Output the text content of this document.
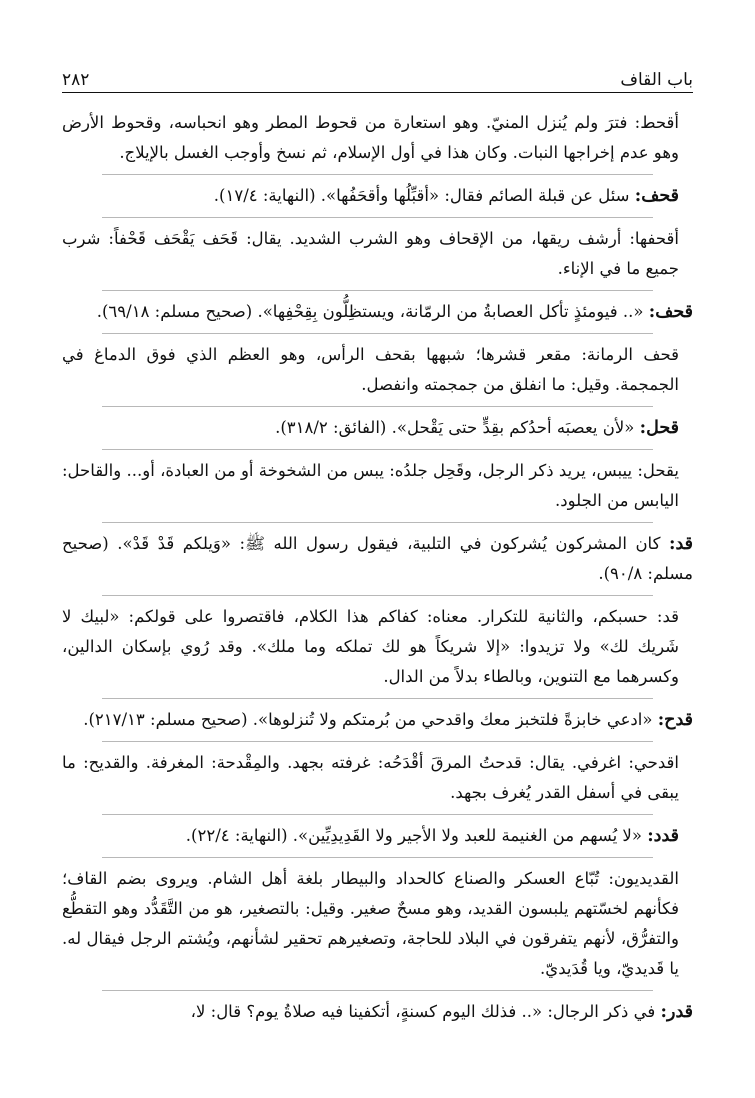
باب القاف
٢٨٢
أقحط: فترَ ولم يُنزل المنيّ. وهو استعارة من قحوط المطر وهو انحباسه، وقحوط الأرض وهو عدم إخراجها النبات. وكان هذا في أول الإسلام، ثم نسخ وأوجب الغسل بالإيلاج.
قحف: سئل عن قبلة الصائم فقال: «أقبِّلُها وأقحَفُها». (النهاية: ١٧/٤).
أقحفها: أرشف ريقها، من الإقحاف وهو الشرب الشديد. يقال: قَحَف يَقْحَف قَحْفاً: شرب جميع ما في الإناء.
قحف: «.. فيومئذٍ تأكل العصابةُ من الرمّانة، ويستظِلُّون بِقِحْفِها». (صحيح مسلم: ٦٩/١٨).
قحف الرمانة: مقعر قشرها؛ شبهها بقحف الرأس، وهو العظم الذي فوق الدماغ في الجمجمة. وقيل: ما انفلق من جمجمته وانفصل.
قحل: «لأن يعصبَه أحدُكم بقِدٍّ حتى يَقْحل». (الفائق: ٣١٨/٢).
يقحل: ييبس، يريد ذكر الرجل، وقَحِل جلدُه: يبس من الشخوخة أو من العبادة، أو... والقاحل: اليابس من الجلود.
قد: كان المشركون يُشركون في التلبية، فيقول رسول الله ﷺ: «وَيلكم قَدْ قَدْ». (صحيح مسلم: ٩٠/٨).
قد: حسبكم، والثانية للتكرار. معناه: كفاكم هذا الكلام، فاقتصروا على قولكم: «لبيك لا شَريك لك» ولا تزيدوا: «إلا شريكاً هو لك تملكه وما ملك». وقد رُوي بإسكان الدالين، وكسرهما مع التنوين، وبالطاء بدلاً من الدال.
قدح: «ادعي خابزةً فلتخبز معك واقدحي من بُرمتكم ولا تُنزلوها». (صحيح مسلم: ٢١٧/١٣).
اقدحي: اغرفي. يقال: قدحتُ المرقَ أقْدَحُه: غرفته بجهد. والمِقْدحة: المغرفة. والقديح: ما يبقى في أسفل القدر يُغرف بجهد.
قدد: «لا يُسهم من الغنيمة للعبد ولا الأجير ولا القَدِيدِيِّين». (النهاية: ٢٢/٤).
القديديون: تُبّاع العسكر والصناع كالحداد والبيطار بلغة أهل الشام. ويروى بضم القاف؛ فكأنهم لخسّتهم يلبسون القديد، وهو مسحٌ صغير. وقيل: بالتصغير، هو من التَّقَدُّد وهو التقطُّع والتفرُّق، لأنهم يتفرقون في البلاد للحاجة، وتصغيرهم تحقير لشأنهم، ويُشتم الرجل فيقال له. يا قَديديّ، ويا قُدَيديّ.
قدر: في ذكر الرجال: «.. فذلك اليوم كسنةٍ، أتكفينا فيه صلاةُ يوم؟ قال: لا،
